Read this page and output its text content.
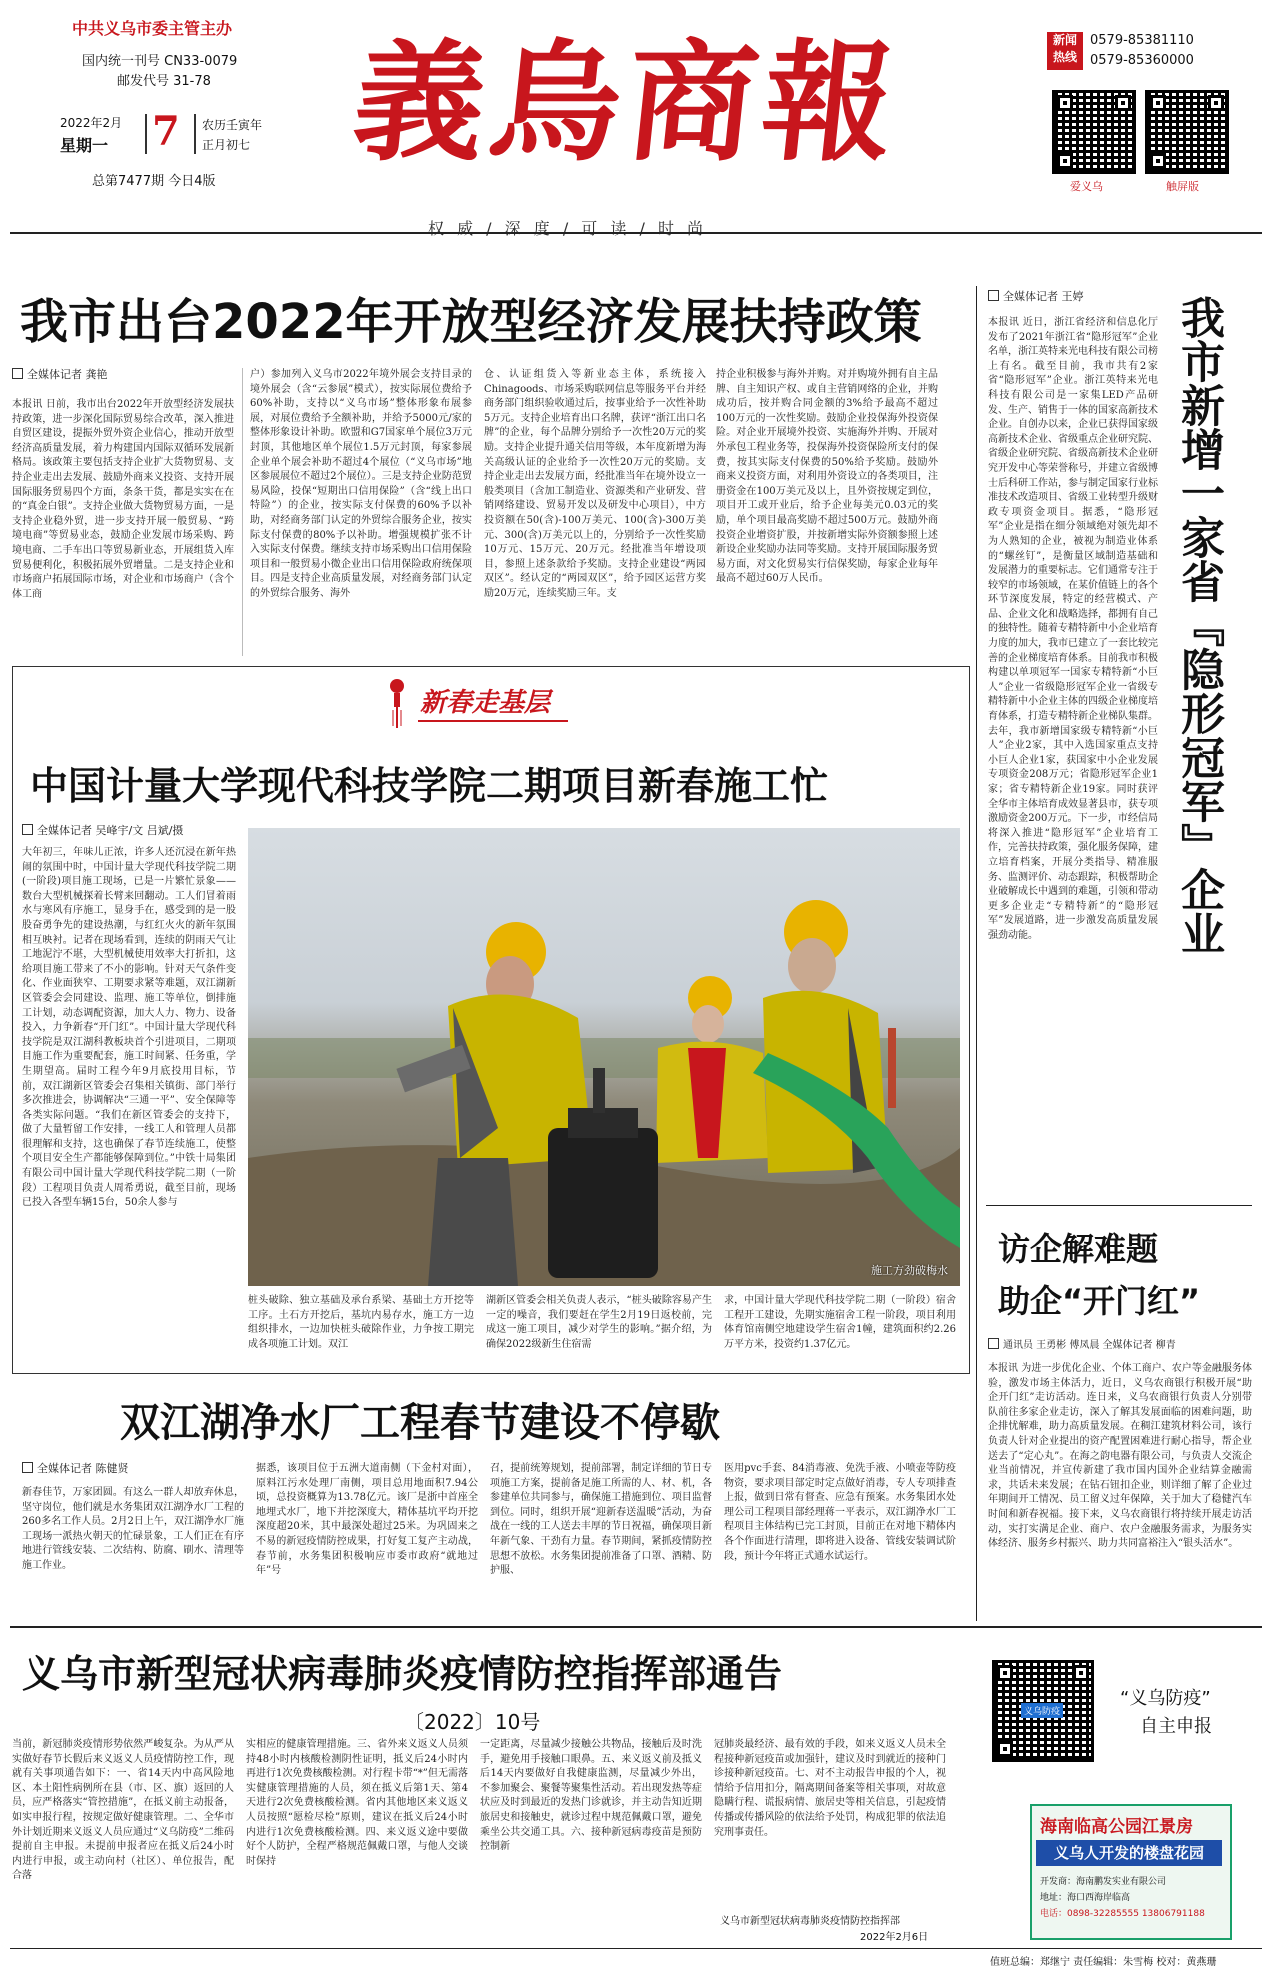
中共义乌市委主管主办
国内统一刊号 CN33-0079
邮发代号 31-78
2022年2月
星期一 7 农历壬寅年
正月初七
总第7477期 今日4版
義烏商報
权 威 / 深 度 / 可 读 / 时 尚
新闻
热线
0579-85381110
0579-85360000
爱义乌	触屏版
我市出台2022年开放型经济发展扶持政策
全媒体记者 龚艳
本报讯 日前，我市出台2022年开放型经济发展扶持政策，进一步深化国际贸易综合改革，深入推进自贸区建设，提振外贸外资企业信心，推动开放型经济高质量发展，着力构建国内国际双循环发展新格局。该政策主要包括支持企业扩大货物贸易、支持企业走出去发展、鼓励外商来义投资、支持开展国际服务贸易四个方面，条条干货，都是实实在在的“真金白银”。支持企业做大货物贸易方面，一是支持企业稳外贸，进一步支持开展一般贸易、“跨境电商”等贸易业态，鼓励企业发展市场采购、跨境电商、二手车出口等贸易新业态，开展组货入库贸易便利化，积极拓展外贸增量。二是支持企业和市场商户拓展国际市场，对企业和市场商户（含个体工商
户）参加列入义乌市2022年境外展会支持目录的境外展会（含“云参展”模式），按实际展位费给予60%补助，支持以“义乌市场”整体形象布展参展，对展位费给予全额补助，并给予5000元/家的整体形象设计补助。欧盟和G7国家单个展位3万元封顶，其他地区单个展位1.5万元封顶，每家参展企业单个展会补助不超过4个展位（“义乌市场”地区参展展位不超过2个展位）。三是支持企业防范贸易风险，投保“短期出口信用保险”（含“线上出口特险”）的企业，按实际支付保费的60%予以补助，对经商务部门认定的外贸综合服务企业，按实际支付保费的80%予以补助。增强规模扩张不计入实际支付保费。继续支持市场采购出口信用保险项目和一般贸易小微企业出口信用保险政府统保项目。四是支持企业高质量发展，对经商务部门认定的外贸综合服务、海外
仓、认证组货入等新业态主体，系统接入Chinagoods、市场采购联网信息等服务平台并经商务部门组织验收通过后，按事业给予一次性补助5万元。支持企业培育出口名牌，获评“浙江出口名牌”的企业，每个品牌分别给予一次性20万元的奖励。支持企业提升通关信用等级，本年度新增为海关高级认证的企业给予一次性20万元的奖励。支持企业走出去发展方面，经批准当年在境外设立一般类项目（含加工制造业、资源类和产业研发、营销网络建设、贸易开发以及研发中心项目），中方投资额在50(含)-100万美元、100(含)-300万美元、300(含)万美元以上的，分别给予一次性奖励10万元、15万元、20万元。经批准当年增设项目，参照上述条款给予奖励。支持企业建设“两园双区”。经认定的“两园双区”，给予园区运营方奖励20万元，连续奖励三年。支
持企业积极参与海外并购。对并购境外拥有自主品牌、自主知识产权、或自主营销网络的企业，并购成功后，按并购合同金额的3%给予最高不超过100万元的一次性奖励。鼓励企业投保海外投资保险。对企业开展境外投资、实施海外并购、开展对外承包工程业务等，投保海外投资保险所支付的保费，按其实际支付保费的50%给予奖励。鼓励外商来义投资方面，对利用外资设立的各类项目，注册资金在100万美元及以上，且外资按规定到位，项目开工或开业后，给予企业每美元0.03元的奖励，单个项目最高奖励不超过500万元。鼓励外商投资企业增资扩股，并按新增实际外资额参照上述新设企业奖励办法同等奖励。支持开展国际服务贸易方面，对文化贸易实行信保奖励，每家企业每年最高不超过60万人民币。
全媒体记者 王婷
本报讯 近日，浙江省经济和信息化厅发布了2021年浙江省“隐形冠军”企业名单，浙江英特来光电科技有限公司榜上有名。截至目前，我市共有2家省“隐形冠军”企业。浙江英特来光电科技有限公司是一家集LED产品研发、生产、销售于一体的国家高新技术企业。自创办以来，企业已获得国家级高新技术企业、省级重点企业研究院、省级企业研究院、省级高新技术企业研究开发中心等荣誉称号，并建立省级博士后科研工作站，参与制定国家行业标准技术改造项目、省级工业转型升级财政专项资金项目。据悉，“隐形冠军”企业是指在细分领域绝对领先却不为人熟知的企业，被视为制造业体系的“螺丝钉”，是衡量区域制造基础和发展潜力的重要标志。它们通常专注于较窄的市场领域，在某价值链上的各个环节深度发展，特定的经营模式、产品、企业文化和战略选择，都拥有自己的独特性。随着专精特新中小企业培育力度的加大，我市已建立了一套比较完善的企业梯度培育体系。目前我市积极构建以单项冠军一国家专精特新“小巨人”企业一省级隐形冠军企业一省级专精特新中小企业主体的四级企业梯度培育体系，打造专精特新企业梯队集群。去年，我市新增国家级专精特新“小巨人”企业2家，其中入选国家重点支持小巨人企业1家，获国家中小企业发展专项资金208万元；省隐形冠军企业1家；省专精特新企业19家。同时获评全华市主体培育成效显著县市，获专项激励资金200万元。下一步，市经信局将深入推进“隐形冠军”企业培育工作，完善扶持政策，强化服务保障，建立培育档案，开展分类指导、精准服务、监测评价、动态跟踪，积极帮助企业破解成长中遇到的难题，引领和带动更多企业走“专精特新”的“隐形冠军”发展道路，进一步激发高质量发展强劲动能。	我市新增一家省『隐形冠军』企业
访企解难题
助企“开门红”
通讯员 王勇彬 傅凤晨 全媒体记者 柳青
本报讯 为进一步优化企业、个体工商户、农户等金融服务体验，激发市场主体活力，近日，义乌农商银行积极开展“助企开门红”走访活动。连日来，义乌农商银行负责人分别带队前往多家企业走访，深入了解其发展面临的困难问题，助企排忧解难，助力高质量发展。在稠江建筑材料公司，该行负责人针对企业提出的资产配置困难进行耐心指导，帮企业送去了“定心丸”。在海之韵电器有限公司，与负责人交流企业当前情况，并宣传新建了我市国内国外企业结算金融需求，共话未来发展；在钻石钮扣企业，则详细了解了企业过年期间开工情况、员工留义过年保障，关于加大了稳健汽车时间和新春祝福。接下来，义乌农商银行将持续开展走访活动，实打实满足企业、商户、农户金融服务需求，为服务实体经济、服务乡村振兴、助力共同富裕注入“银头活水”。
新春走基层
中国计量大学现代科技学院二期项目新春施工忙
全媒体记者 吴峰宇/文 吕斌/摄
大年初三，年味儿正浓，许多人还沉浸在新年热闹的氛围中时，中国计量大学现代科技学院二期(一阶段)项目施工现场，已是一片繁忙景象——数台大型机械探着长臂来回翻动。工人们冒着雨水与寒风有序施工，显身手在，感受到的是一股股奋勇争先的建设热潮，与红红火火的新年氛围相互映衬。记者在现场看到，连续的阴雨天气让工地泥泞不堪，大型机械使用效率大打折扣，这给项目施工带来了不小的影响。针对天气条件变化、作业面狭窄、工期要求紧等难题，双江湖新区管委会会同建设、监理、施工等单位，倒排施工计划，动态调配资源，加大人力、物力、设备投入，力争新春“开门红”。中国计量大学现代科技学院是双江湖科教板块首个引进项目，二期项目施工作为重要配套，施工时间紧、任务重，学生期望高。届时工程今年9月底投用目标，节前，双江湖新区管委会召集相关镇街、部门举行多次推进会，协调解决“三通一平”、安全保障等各类实际问题。“我们在新区管委会的支持下，做了大量暂留工作安排，一线工人和管理人员都很理解和支持，这也确保了春节连续施工，使整个项目安全生产都能够保障到位。”中铁十局集团有限公司中国计量大学现代科技学院二期（一阶段）工程项目负责人周希勇说，截至目前，现场已投入各型车辆15台，50余人参与
施工方劲破梅水
桩头破除、独立基础及承台系梁、基础土方开挖等工序。土石方开挖后，基坑内易存水，施工方一边组织排水，一边加快桩头破除作业，力争按工期完成各项施工计划。双江
湖新区管委会相关负责人表示，“桩头破除容易产生一定的噪音，我们要赶在学生2月19日返校前，完成这一施工项目，减少对学生的影响。”据介绍，为确保2022级新生住宿需
求，中国计量大学现代科技学院二期（一阶段）宿舍工程开工建设，先期实施宿舍工程一阶段，项目利用体育馆南侧空地建设学生宿舍1幢，建筑面积约2.26万平方米，投资约1.37亿元。
双江湖净水厂工程春节建设不停歇
全媒体记者 陈健贤
新春佳节，万家团圆。有这么一群人却放弃休息，坚守岗位，他们就是水务集团双江湖净水厂工程的260多名工作人员。2月2日上午，双江湖净水厂施工现场一派热火朝天的忙碌景象，工人们正在有序地进行管线安装、二次结构、防腐、刷水、清理等施工作业。
据悉，该项目位于五洲大道南侧（下金村对面），原料江污水处理厂南侧，项目总用地面积7.94公顷，总投资概算为13.78亿元。该厂是浙中首座全地埋式水厂，地下并挖深度大，精体基坑平均开挖深度超20米，其中最深处超过25米。为巩固来之不易的新冠疫情防控成果，打好复工复产主动战，春节前，水务集团积极响应市委市政府“就地过年”号
召，提前统筹规划，提前部署，制定详细的节日专项施工方案，提前备足施工所需的人、材、机，各参建单位共同参与，确保施工措施到位、项目监督到位。同时，组织开展“迎新春送温暖”活动，为奋战在一线的工人送去丰厚的节日祝福，确保项目新年新气象、干劲有力量。春节期间，紧抓疫情防控思想不放松。水务集团提前准备了口罩、酒精、防护服、
医用pvc手套、84消毒液、免洗手液、小喷壶等防疫物资，要求项目部定时定点做好消毒，专人专项排查上报，做到日常有督查、应急有预案。水务集团水处理公司工程项目部经理蒋一平表示，双江湖净水厂工程项目主体结构已完工封顶，目前正在对地下精体内各个作面进行清理，即将进入设备、管线安装调试阶段，预计今年将正式通水试运行。
义乌市新型冠状病毒肺炎疫情防控指挥部通告
〔2022〕10号
当前，新冠肺炎疫情形势依然严峻复杂。为从严从实做好春节长假后来义返义人员疫情防控工作，现就有关事项通告如下：一、省14天内中高风险地区、本土阳性病例所在县（市、区、旗）返回的人员，应严格落实“管控措施”，在抵义前主动报备，如实申报行程，按规定做好健康管理。二、全华市外计划近期来义返义人员应通过“义乌防疫”二维码提前自主申报。未提前申报者应在抵义后24小时内进行申报，或主动向村（社区）、单位报告，配合落
实相应的健康管理措施。三、省外来义返义人员须持48小时内核酸检测阴性证明，抵义后24小时内再进行1次免费核酸检测。对行程卡带“*”但无需落实健康管理措施的人员，须在抵义后第1天、第4天进行2次免费核酸检测。省内其他地区来义返义人员按照“愿检尽检”原则，建议在抵义后24小时内进行1次免费核酸检测。四、来义返义途中要做好个人防护，全程严格规范佩戴口罩，与他人交谈时保持
一定距离，尽量减少接触公共物品，接触后及时洗手，避免用手接触口眼鼻。五、来义返义前及抵义后14天内要做好自我健康监测，尽量减少外出，不参加聚会、聚餐等聚集性活动。若出现发热等症状应及时到最近的发热门诊就诊，并主动告知近期旅居史和接触史，就诊过程中规范佩戴口罩，避免乘坐公共交通工具。六、接种新冠病毒疫苗是预防控制新
冠肺炎最经济、最有效的手段，如来义返义人员未全程接种新冠疫苗或加强针，建议及时到就近的接种门诊接种新冠疫苗。七、对不主动报告申报的个人，视情给予信用扣分，隔离期间备案等相关事项，对故意隐瞒行程、谎报病情、旅居史等相关信息，引起疫情传播或传播风险的依法给予处罚，构成犯罪的依法追究刑事责任。
义乌市新型冠状病毒肺炎疫情防控指挥部
2022年2月6日
义乌防疫
“义乌防疫”
自主申报
海南临高公园江景房
义乌人开发的楼盘花园
开发商：海南鹏发实业有限公司
地址：海口西海岸临高
电话：0898-32285555 13806791188
值班总编：郑继宁 责任编辑：朱雪梅 校对：黄燕珊
